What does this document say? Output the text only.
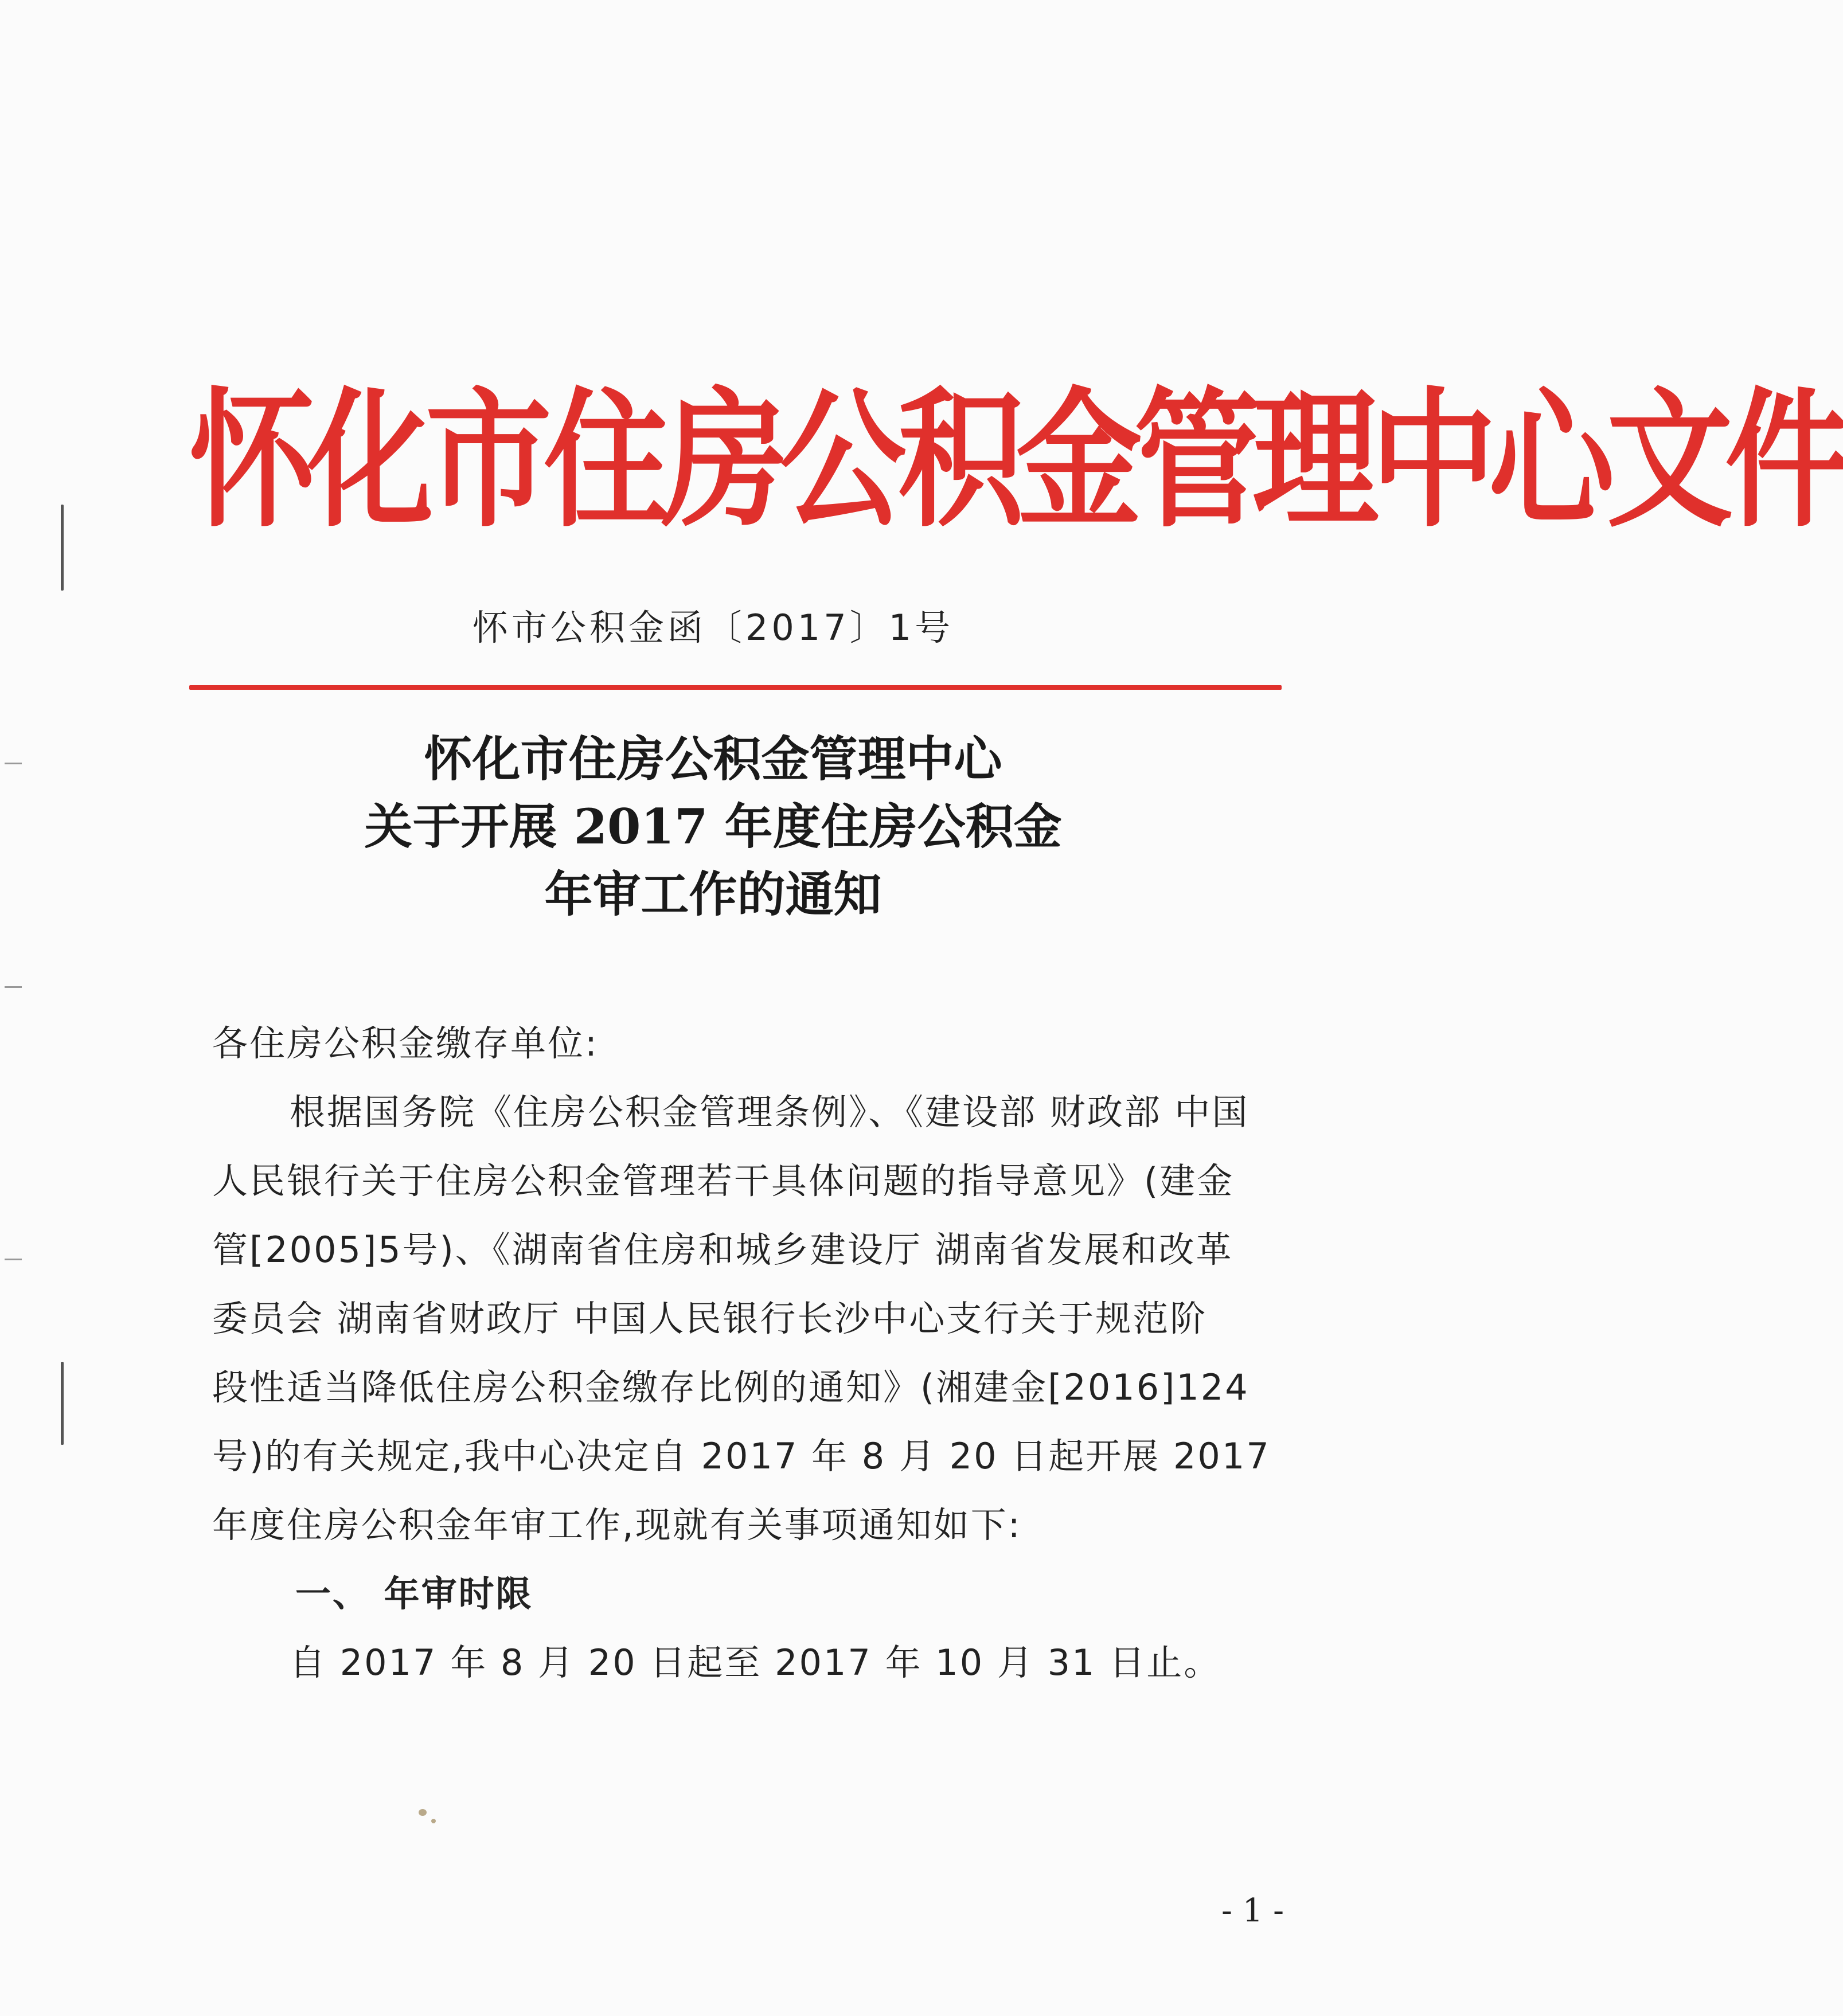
怀化市住房公积金管理中心文件
怀市公积金函〔2017〕1号
怀化市住房公积金管理中心
关于开展 2017 年度住房公积金
年审工作的通知
各住房公积金缴存单位:
根据国务院《住房公积金管理条例》、《建设部 财政部 中国
人民银行关于住房公积金管理若干具体问题的指导意见》(建金
管[2005]5号)、《湖南省住房和城乡建设厅 湖南省发展和改革
委员会 湖南省财政厅 中国人民银行长沙中心支行关于规范阶
段性适当降低住房公积金缴存比例的通知》(湘建金[2016]124
号)的有关规定,我中心决定自 2017 年 8 月 20 日起开展 2017
年度住房公积金年审工作,现就有关事项通知如下:
一、 年审时限
自 2017 年 8 月 20 日起至 2017 年 10 月 31 日止。
- 1 -
